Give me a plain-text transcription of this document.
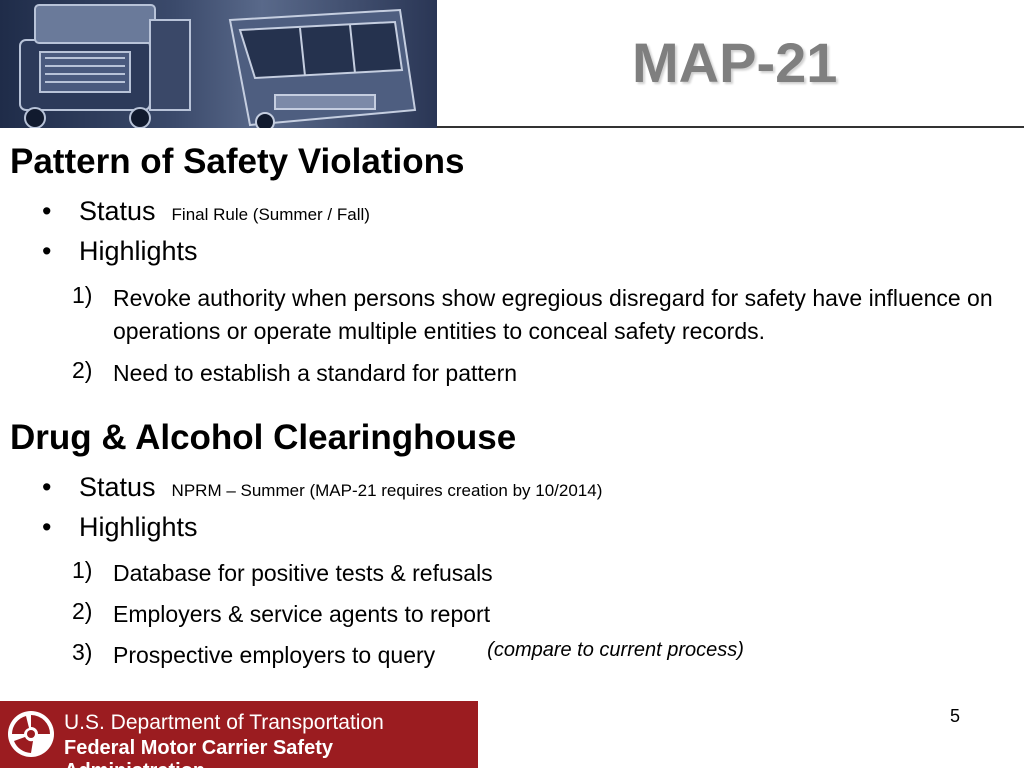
MAP-21
Pattern of Safety Violations
•	Status Final Rule (Summer / Fall)
•	Highlights
1) Revoke authority when persons show egregious disregard for safety have influence on operations or operate multiple entities to conceal safety records.
2) Need to establish a standard for pattern
Drug & Alcohol Clearinghouse
•	Status NPRM – Summer (MAP-21 requires creation by 10/2014)
•	Highlights
1) Database for positive tests & refusals
2) Employers & service agents to report
3) Prospective employers to query	(compare to current process)
U.S. Department of Transportation
Federal Motor Carrier Safety Administration
5
